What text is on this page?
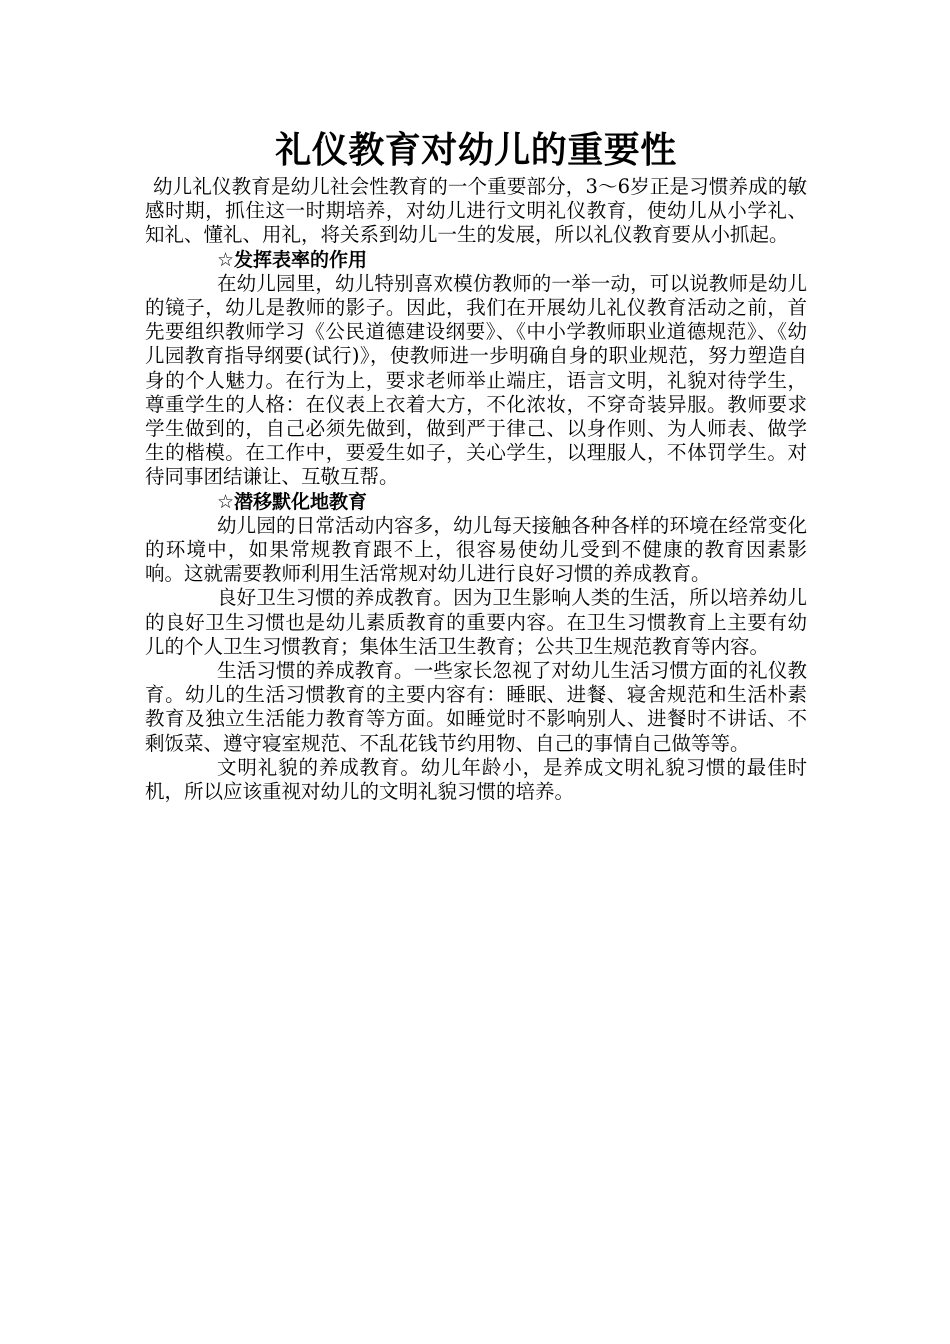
礼仪教育对幼儿的重要性

幼儿礼仪教育是幼儿社会性教育的一个重要部分，3～6岁正是习惯养成的敏感时期，抓住这一时期培养，对幼儿进行文明礼仪教育，使幼儿从小学礼、知礼、懂礼、用礼，将关系到幼儿一生的发展，所以礼仪教育要从小抓起。

☆发挥表率的作用

在幼儿园里，幼儿特别喜欢模仿教师的一举一动，可以说教师是幼儿的镜子，幼儿是教师的影子。因此，我们在开展幼儿礼仪教育活动之前，首先要组织教师学习《公民道德建设纲要》、《中小学教师职业道德规范》、《幼儿园教育指导纲要(试行)》，使教师进一步明确自身的职业规范，努力塑造自身的个人魅力。在行为上，要求老师举止端庄，语言文明，礼貌对待学生，尊重学生的人格：在仪表上衣着大方，不化浓妆，不穿奇装异服。教师要求学生做到的，自己必须先做到，做到严于律己、以身作则、为人师表、做学生的楷模。在工作中，要爱生如子，关心学生，以理服人，不体罚学生。对待同事团结谦让、互敬互帮。

☆潜移默化地教育

幼儿园的日常活动内容多，幼儿每天接触各种各样的环境在经常变化的环境中，如果常规教育跟不上，很容易使幼儿受到不健康的教育因素影响。这就需要教师利用生活常规对幼儿进行良好习惯的养成教育。

良好卫生习惯的养成教育。因为卫生影响人类的生活，所以培养幼儿的良好卫生习惯也是幼儿素质教育的重要内容。在卫生习惯教育上主要有幼儿的个人卫生习惯教育；集体生活卫生教育；公共卫生规范教育等内容。

生活习惯的养成教育。一些家长忽视了对幼儿生活习惯方面的礼仪教育。幼儿的生活习惯教育的主要内容有：睡眠、进餐、寝舍规范和生活朴素教育及独立生活能力教育等方面。如睡觉时不影响别人、进餐时不讲话、不剩饭菜、遵守寝室规范、不乱花钱节约用物、自己的事情自己做等等。

文明礼貌的养成教育。幼儿年龄小，是养成文明礼貌习惯的最佳时机，所以应该重视对幼儿的文明礼貌习惯的培养。
